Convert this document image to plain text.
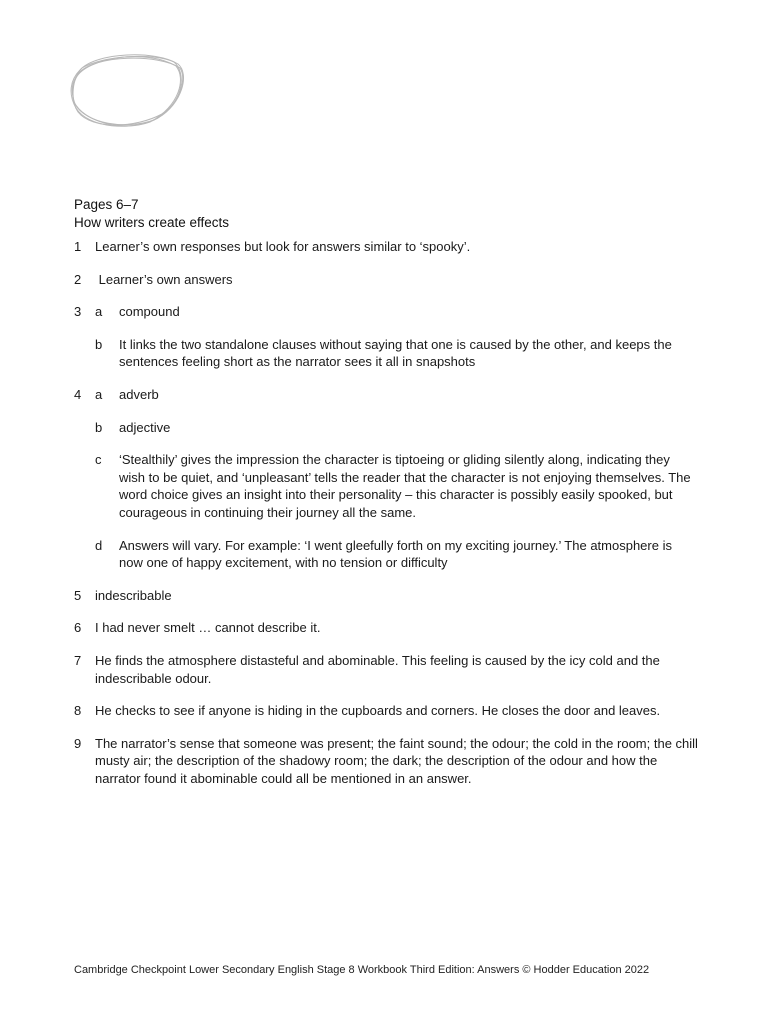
Pages 6–7
How writers create effects
1	Learner’s own responses but look for answers similar to ‘spooky’.
2	Learner’s own answers
3	a	compound
b	It links the two standalone clauses without saying that one is caused by the other, and keeps the sentences feeling short as the narrator sees it all in snapshots
4	a	adverb
b	adjective
c	‘Stealthily’ gives the impression the character is tiptoeing or gliding silently along, indicating they wish to be quiet, and ‘unpleasant’ tells the reader that the character is not enjoying themselves. The word choice gives an insight into their personality – this character is possibly easily spooked, but courageous in continuing their journey all the same.
d	Answers will vary. For example: ‘I went gleefully forth on my exciting journey.’ The atmosphere is now one of happy excitement, with no tension or difficulty
5	indescribable
6	I had never smelt … cannot describe it.
7	He finds the atmosphere distasteful and abominable. This feeling is caused by the icy cold and the indescribable odour.
8	He checks to see if anyone is hiding in the cupboards and corners. He closes the door and leaves.
9	The narrator’s sense that someone was present; the faint sound; the odour; the cold in the room; the chill musty air; the description of the shadowy room; the dark; the description of the odour and how the narrator found it abominable could all be mentioned in an answer.
Cambridge Checkpoint Lower Secondary English Stage 8 Workbook Third Edition: Answers © Hodder Education 2022
